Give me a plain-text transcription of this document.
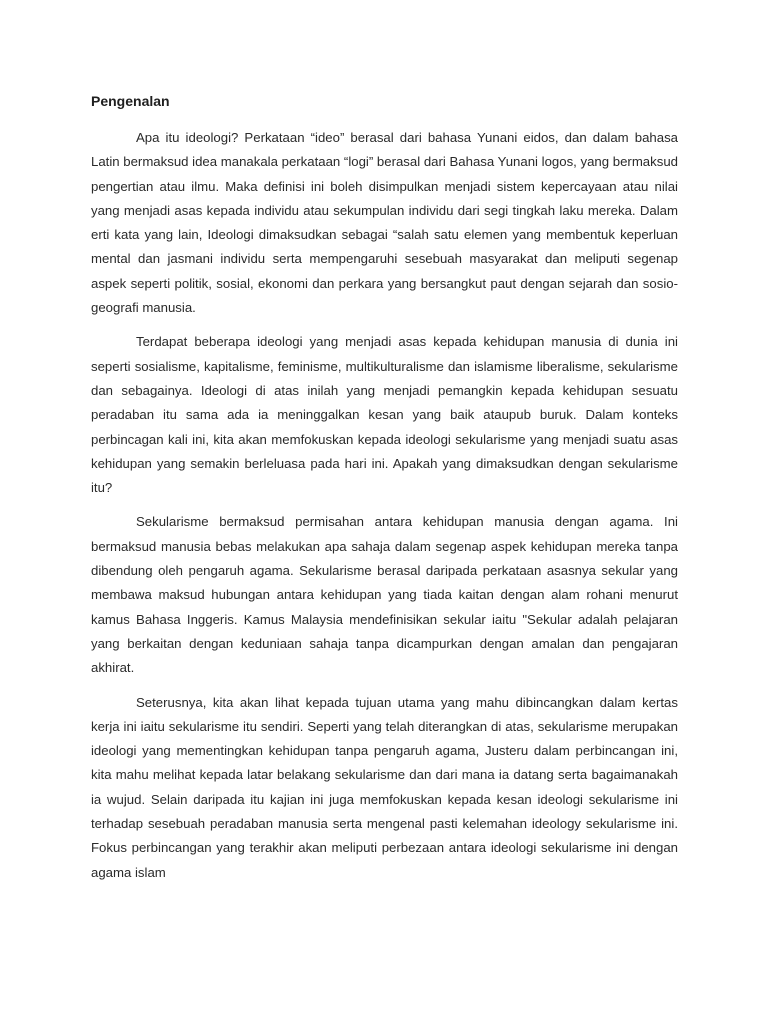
Pengenalan

Apa itu ideologi? Perkataan “ideo” berasal dari bahasa Yunani eidos, dan dalam bahasa Latin bermaksud idea manakala perkataan “logi” berasal dari Bahasa Yunani logos, yang bermaksud pengertian atau ilmu. Maka definisi ini boleh disimpulkan menjadi sistem kepercayaan atau nilai yang menjadi asas kepada individu atau sekumpulan individu dari segi tingkah laku mereka. Dalam erti kata yang lain, Ideologi dimaksudkan sebagai “salah satu elemen yang membentuk keperluan mental dan jasmani individu serta mempengaruhi sesebuah masyarakat dan meliputi segenap aspek seperti politik, sosial, ekonomi dan perkara yang bersangkut paut dengan sejarah dan sosio-geografi manusia.

Terdapat beberapa ideologi yang menjadi asas kepada kehidupan manusia di dunia ini seperti sosialisme, kapitalisme, feminisme, multikulturalisme dan islamisme liberalisme, sekularisme dan sebagainya. Ideologi di atas inilah yang menjadi pemangkin kepada kehidupan sesuatu peradaban itu sama ada ia meninggalkan kesan yang baik ataupub buruk. Dalam konteks perbincagan kali ini, kita akan memfokuskan kepada ideologi sekularisme yang menjadi suatu asas kehidupan yang semakin berleluasa pada hari ini. Apakah yang dimaksudkan dengan sekularisme itu?

Sekularisme bermaksud permisahan antara kehidupan manusia dengan agama. Ini bermaksud manusia bebas melakukan apa sahaja dalam segenap aspek kehidupan mereka tanpa dibendung oleh pengaruh agama. Sekularisme berasal daripada perkataan asasnya sekular yang membawa maksud hubungan antara kehidupan yang tiada kaitan dengan alam rohani menurut kamus Bahasa Inggeris. Kamus Malaysia mendefinisikan sekular iaitu "Sekular adalah pelajaran yang berkaitan dengan keduniaan sahaja tanpa dicampurkan dengan amalan dan pengajaran akhirat.

Seterusnya, kita akan lihat kepada tujuan utama yang mahu dibincangkan dalam kertas kerja ini iaitu sekularisme itu sendiri. Seperti yang telah diterangkan di atas, sekularisme merupakan ideologi yang mementingkan kehidupan tanpa pengaruh agama, Justeru dalam perbincangan ini, kita mahu melihat kepada latar belakang sekularisme dan dari mana ia datang serta bagaimanakah ia wujud. Selain daripada itu kajian ini juga memfokuskan kepada kesan ideologi sekularisme ini terhadap sesebuah peradaban manusia serta mengenal pasti kelemahan ideology sekularisme ini. Fokus perbincangan yang terakhir akan meliputi perbezaan antara ideologi sekularisme ini dengan agama islam
